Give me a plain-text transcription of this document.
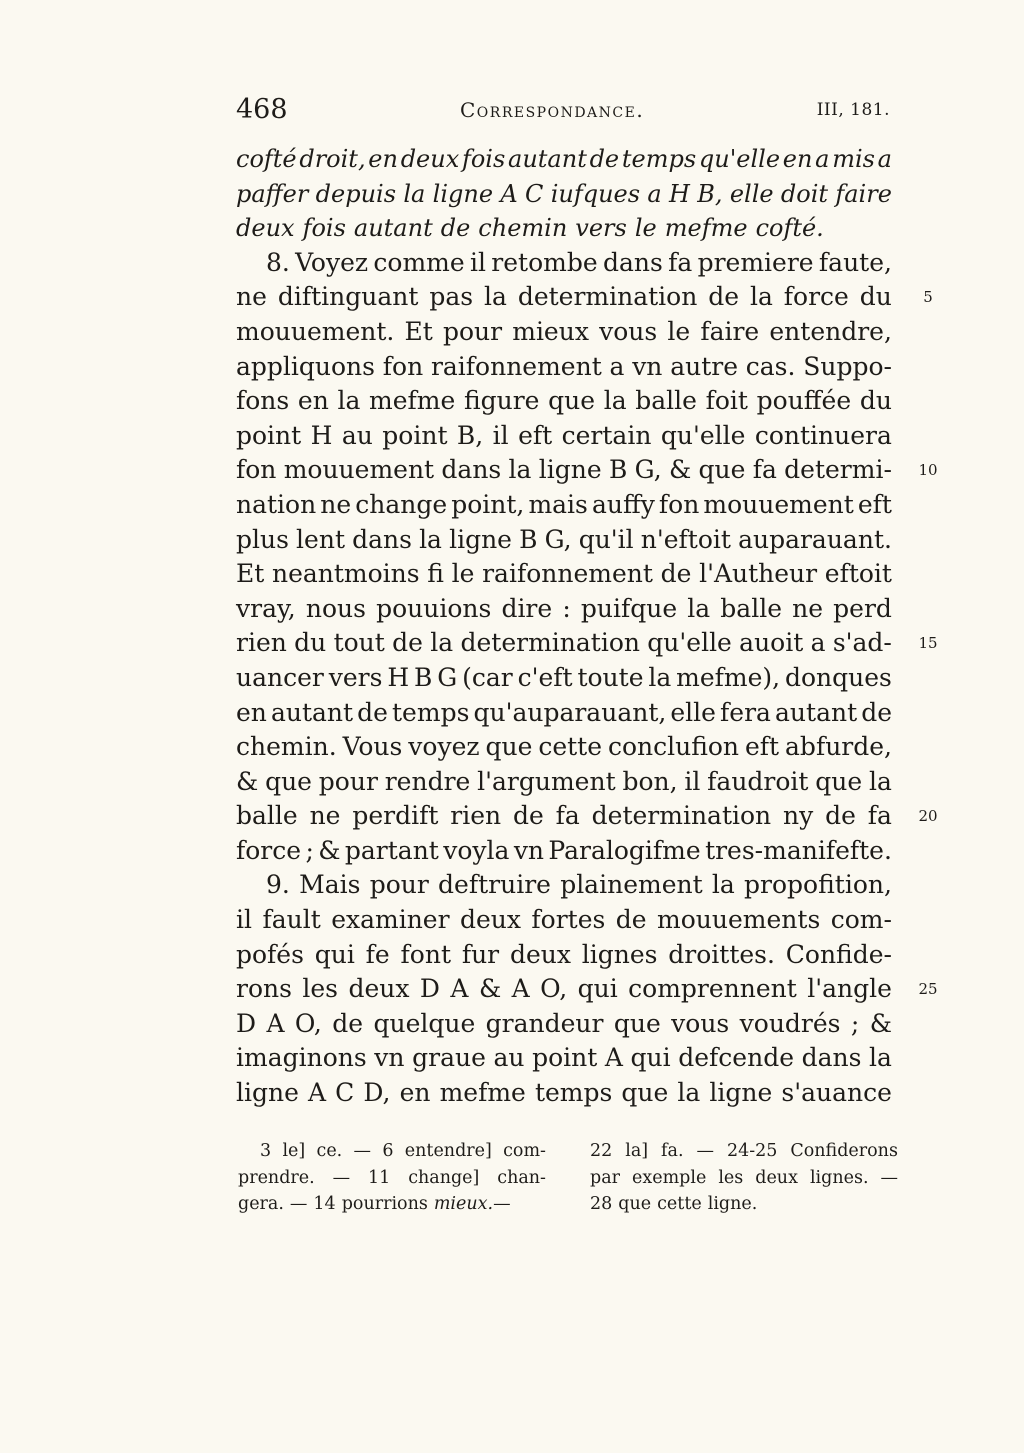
468	Correspondance.	III, 181.
cofté droit, en deux fois autant de temps qu'elle en a mis a
paffer depuis la ligne A C iufques a H B, elle doit faire
deux fois autant de chemin vers le mefme cofté.
8. Voyez comme il retombe dans fa premiere faute,
ne diftinguant pas la determination de la force du
mouuement. Et pour mieux vous le faire entendre,
appliquons fon raifonnement a vn autre cas. Suppo-
fons en la mefme figure que la balle foit pouffée du
point H au point B, il eft certain qu'elle continuera
fon mouuement dans la ligne B G, & que fa determi-
nation ne change point, mais auffy fon mouuement eft
plus lent dans la ligne B G, qu'il n'eftoit auparauant.
Et neantmoins fi le raifonnement de l'Autheur eftoit
vray, nous pouuions dire : puifque la balle ne perd
rien du tout de la determination qu'elle auoit a s'ad-
uancer vers H B G (car c'eft toute la mefme), donques
en autant de temps qu'auparauant, elle fera autant de
chemin. Vous voyez que cette conclufion eft abfurde,
& que pour rendre l'argument bon, il faudroit que la
balle ne perdift rien de fa determination ny de fa
force ; & partant voyla vn Paralogifme tres-manifefte.
9. Mais pour deftruire plainement la propofition,
il fault examiner deux fortes de mouuements com-
pofés qui fe font fur deux lignes droittes. Confide-
rons les deux D A & A O, qui comprennent l'angle
D A O, de quelque grandeur que vous voudrés ; &
imaginons vn graue au point A qui defcende dans la
ligne A C D, en mefme temps que la ligne s'auance
5
10
15
20
25
3 le] ce. — 6 entendre] com-
prendre. — 11 change] chan-
gera. — 14 pourrions mieux. —
22 la] fa. — 24-25 Confiderons
par exemple les deux lignes. —
28 que cette ligne.
